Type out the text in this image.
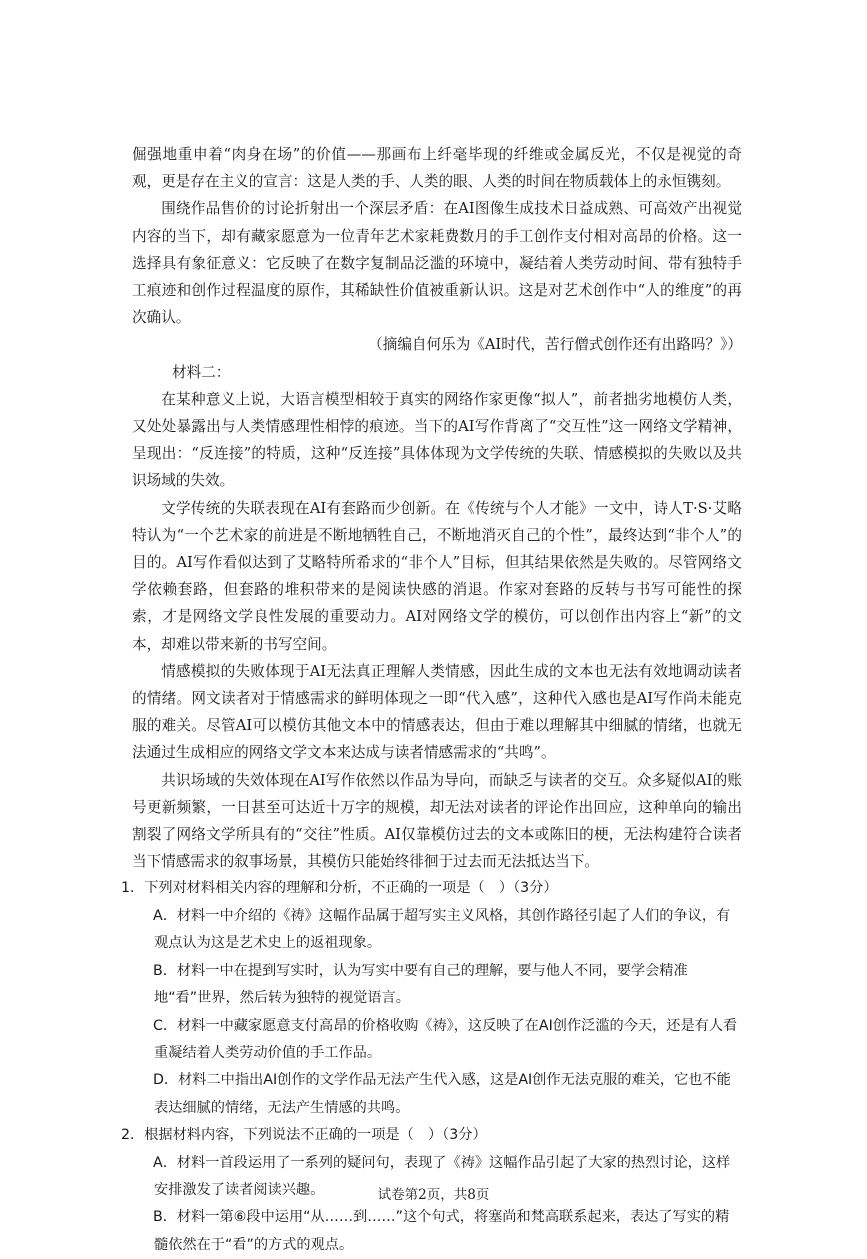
倔强地重申着“肉身在场”的价值——那画布上纤毫毕现的纤维或金属反光，不仅是视觉的奇观，更是存在主义的宣言：这是人类的手、人类的眼、人类的时间在物质载体上的永恒镌刻。

围绕作品售价的讨论折射出一个深层矛盾：在AI图像生成技术日益成熟、可高效产出视觉内容的当下，却有藏家愿意为一位青年艺术家耗费数月的手工创作支付相对高昂的价格。这一选择具有象征意义：它反映了在数字复制品泛滥的环境中，凝结着人类劳动时间、带有独特手工痕迹和创作过程温度的原作，其稀缺性价值被重新认识。这是对艺术创作中“人的维度”的再次确认。

（摘编自何乐为《AI时代，苦行僧式创作还有出路吗？》）

材料二：

在某种意义上说，大语言模型相较于真实的网络作家更像“拟人”，前者拙劣地模仿人类，又处处暴露出与人类情感理性相悖的痕迹。当下的AI写作背离了“交互性”这一网络文学精神，呈现出：“反连接”的特质，这种“反连接”具体体现为文学传统的失联、情感模拟的失败以及共识场域的失效。

文学传统的失联表现在AI有套路而少创新。在《传统与个人才能》一文中，诗人T·S·艾略特认为“一个艺术家的前进是不断地牺牲自己，不断地消灭自己的个性”，最终达到“非个人”的目的。AI写作看似达到了艾略特所希求的“非个人”目标，但其结果依然是失败的。尽管网络文学依赖套路，但套路的堆积带来的是阅读快感的消退。作家对套路的反转与书写可能性的探索，才是网络文学良性发展的重要动力。AI对网络文学的模仿，可以创作出内容上“新”的文本，却难以带来新的书写空间。

情感模拟的失败体现于AI无法真正理解人类情感，因此生成的文本也无法有效地调动读者的情绪。网文读者对于情感需求的鲜明体现之一即“代入感”，这种代入感也是AI写作尚未能克服的难关。尽管AI可以模仿其他文本中的情感表达，但由于难以理解其中细腻的情绪，也就无法通过生成相应的网络文学文本来达成与读者情感需求的“共鸣”。

共识场域的失效体现在AI写作依然以作品为导向，而缺乏与读者的交互。众多疑似AI的账号更新频繁，一日甚至可达近十万字的规模，却无法对读者的评论作出回应，这种单向的输出割裂了网络文学所具有的“交往”性质。AI仅靠模仿过去的文本或陈旧的梗，无法构建符合读者当下情感需求的叙事场景，其模仿只能始终徘徊于过去而无法抵达当下。

1．下列对材料相关内容的理解和分析，不正确的一项是（　）（3分）

A．材料一中介绍的《祷》这幅作品属于超写实主义风格，其创作路径引起了人们的争议，有观点认为这是艺术史上的返祖现象。

B．材料一中在提到写实时，认为写实中要有自己的理解，要与他人不同，要学会精准地“看”世界，然后转为独特的视觉语言。

C．材料一中藏家愿意支付高昂的价格收购《祷》，这反映了在AI创作泛滥的今天，还是有人看重凝结着人类劳动价值的手工作品。

D．材料二中指出AI创作的文学作品无法产生代入感，这是AI创作无法克服的难关，它也不能表达细腻的情绪，无法产生情感的共鸣。

2．根据材料内容，下列说法不正确的一项是（　）（3分）

A．材料一首段运用了一系列的疑问句，表现了《祷》这幅作品引起了大家的热烈讨论，这样安排激发了读者阅读兴趣。

B．材料一第⑥段中运用“从……到……”这个句式，将塞尚和梵高联系起来，表达了写实的精髓依然在于“看”的方式的观点。

试卷第2页，共8页
